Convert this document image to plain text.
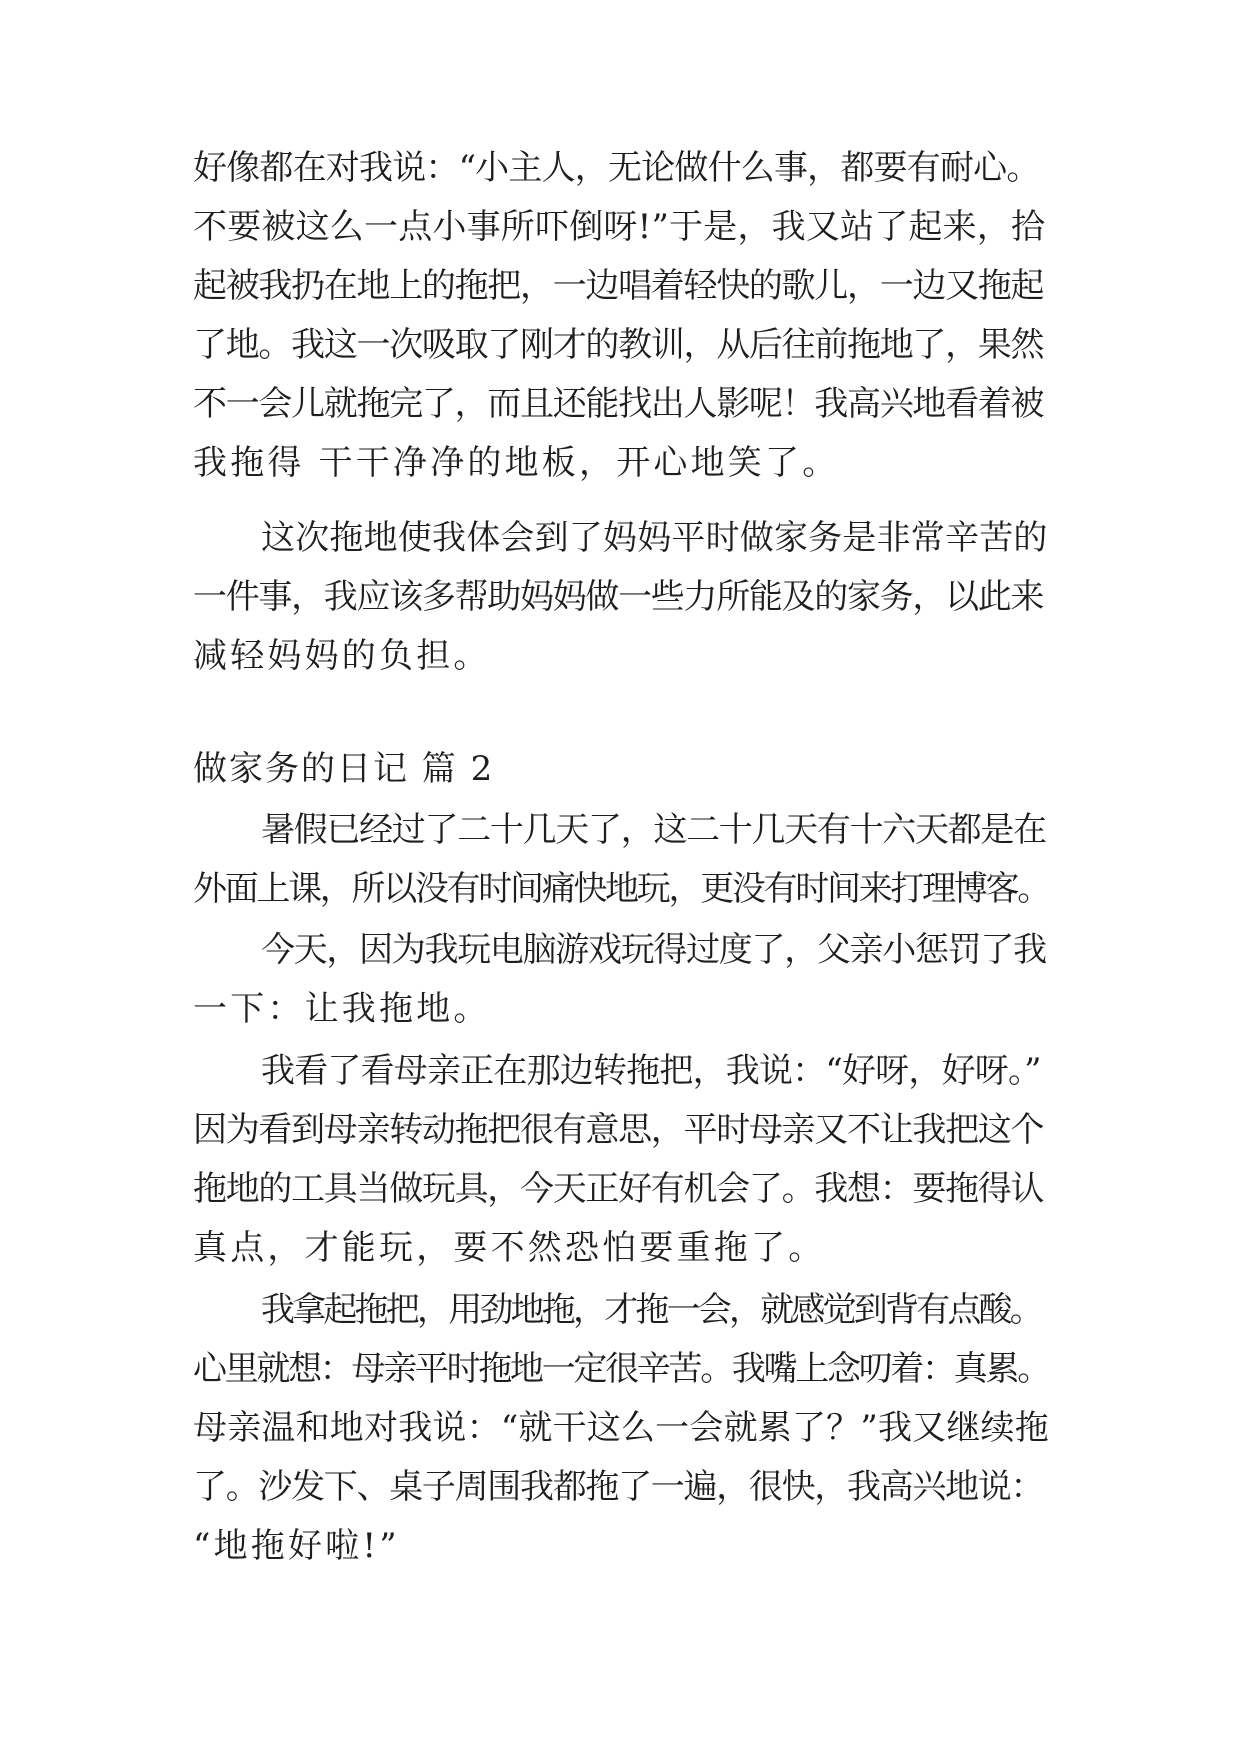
好像都在对我说：“小主人，无论做什么事，都要有耐心。
不要被这么一点小事所吓倒呀!”于是，我又站了起来，拾
起被我扔在地上的拖把，一边唱着轻快的歌儿，一边又拖起
了地。我这一次吸取了刚才的教训，从后往前拖地了，果然
不一会儿就拖完了，而且还能找出人影呢！我高兴地看着被
我拖得 干干净净的地板，开心地笑了。
这次拖地使我体会到了妈妈平时做家务是非常辛苦的
一件事，我应该多帮助妈妈做一些力所能及的家务，以此来
减轻妈妈的负担。
做家务的日记 篇 2
暑假已经过了二十几天了，这二十几天有十六天都是在
外面上课，所以没有时间痛快地玩，更没有时间来打理博客。
今天，因为我玩电脑游戏玩得过度了，父亲小惩罚了我
一下：让我拖地。
我看了看母亲正在那边转拖把，我说：“好呀，好呀。”
因为看到母亲转动拖把很有意思，平时母亲又不让我把这个
拖地的工具当做玩具，今天正好有机会了。我想：要拖得认
真点，才能玩，要不然恐怕要重拖了。
我拿起拖把，用劲地拖，才拖一会，就感觉到背有点酸。
心里就想：母亲平时拖地一定很辛苦。我嘴上念叨着：真累。
母亲温和地对我说：“就干这么一会就累了？”我又继续拖
了。沙发下、桌子周围我都拖了一遍，很快，我高兴地说：
“地拖好啦!”
